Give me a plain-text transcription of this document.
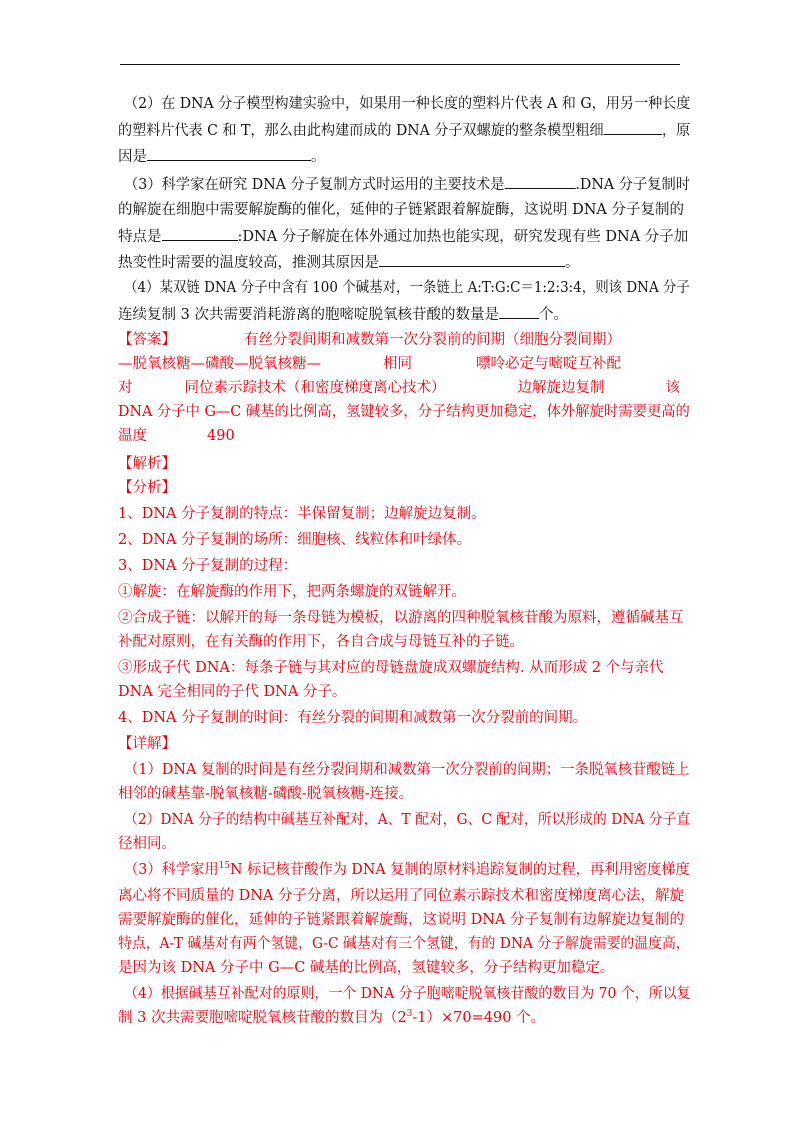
（2）在 DNA 分子模型构建实验中，如果用一种长度的塑料片代表 A 和 G，用另一种长度
的塑料片代表 C 和 T，那么由此构建而成的 DNA 分子双螺旋的整条模型粗细	，原
因是	。
（3）科学家在研究 DNA 分子复制方式时运用的主要技术是	.DNA 分子复制时
的解旋在细胞中需要解旋酶的催化，延伸的子链紧跟着解旋酶，这说明 DNA 分子复制的
特点是	:DNA 分子解旋在体外通过加热也能实现，研究发现有些 DNA 分子加
热变性时需要的温度较高，推测其原因是	。
（4）某双链 DNA 分子中含有 100 个碱基对，一条链上 A:T:G:C＝1:2:3:4，则该 DNA 分子
连续复制 3 次共需要消耗游离的胞嘧啶脱氧核苷酸的数量是	个。
【答案】	有丝分裂间期和减数第一次分裂前的间期（细胞分裂间期）
—脱氧核糖—磷酸—脱氧核糖—	相同	嘌呤必定与嘧啶互补配
对	同位素示踪技术（和密度梯度离心技术）	边解旋边复制	该
DNA 分子中 G—C 碱基的比例高，氢键较多，分子结构更加稳定，体外解旋时需要更高的
温度	490
【解析】
【分析】
1、DNA 分子复制的特点：半保留复制；边解旋边复制。
2、DNA 分子复制的场所：细胞核、线粒体和叶绿体。
3、DNA 分子复制的过程：
①解旋：在解旋酶的作用下，把两条螺旋的双链解开。
②合成子链：以解开的每一条母链为模板，以游离的四种脱氧核苷酸为原料，遵循碱基互
补配对原则，在有关酶的作用下，各自合成与母链互补的子链。
③形成子代 DNA：每条子链与其对应的母链盘旋成双螺旋结构. 从而形成 2 个与亲代
DNA 完全相同的子代 DNA 分子。
4、DNA 分子复制的时间：有丝分裂的间期和减数第一次分裂前的间期。
【详解】
（1）DNA 复制的时间是有丝分裂间期和减数第一次分裂前的间期；一条脱氧核苷酸链上
相邻的碱基靠-脱氧核糖-磷酸-脱氧核糖-连接。
（2）DNA 分子的结构中碱基互补配对，A、T 配对，G、C 配对，所以形成的 DNA 分子直
径相同。
（3）科学家用$^{15}$N 标记核苷酸作为 DNA 复制的原材料追踪复制的过程，再利用密度梯度
离心将不同质量的 DNA 分子分离，所以运用了同位素示踪技术和密度梯度离心法，解旋
需要解旋酶的催化，延伸的子链紧跟着解旋酶，这说明 DNA 分子复制有边解旋边复制的
特点，A-T 碱基对有两个氢键，G-C 碱基对有三个氢键，有的 DNA 分子解旋需要的温度高，
是因为该 DNA 分子中 G—C 碱基的比例高，氢键较多，分子结构更加稳定。
（4）根据碱基互补配对的原则，一个 DNA 分子胞嘧啶脱氧核苷酸的数目为 70 个，所以复
制 3 次共需要胞嘧啶脱氧核苷酸的数目为$(2^3-1)\times 70=490$ 个。
